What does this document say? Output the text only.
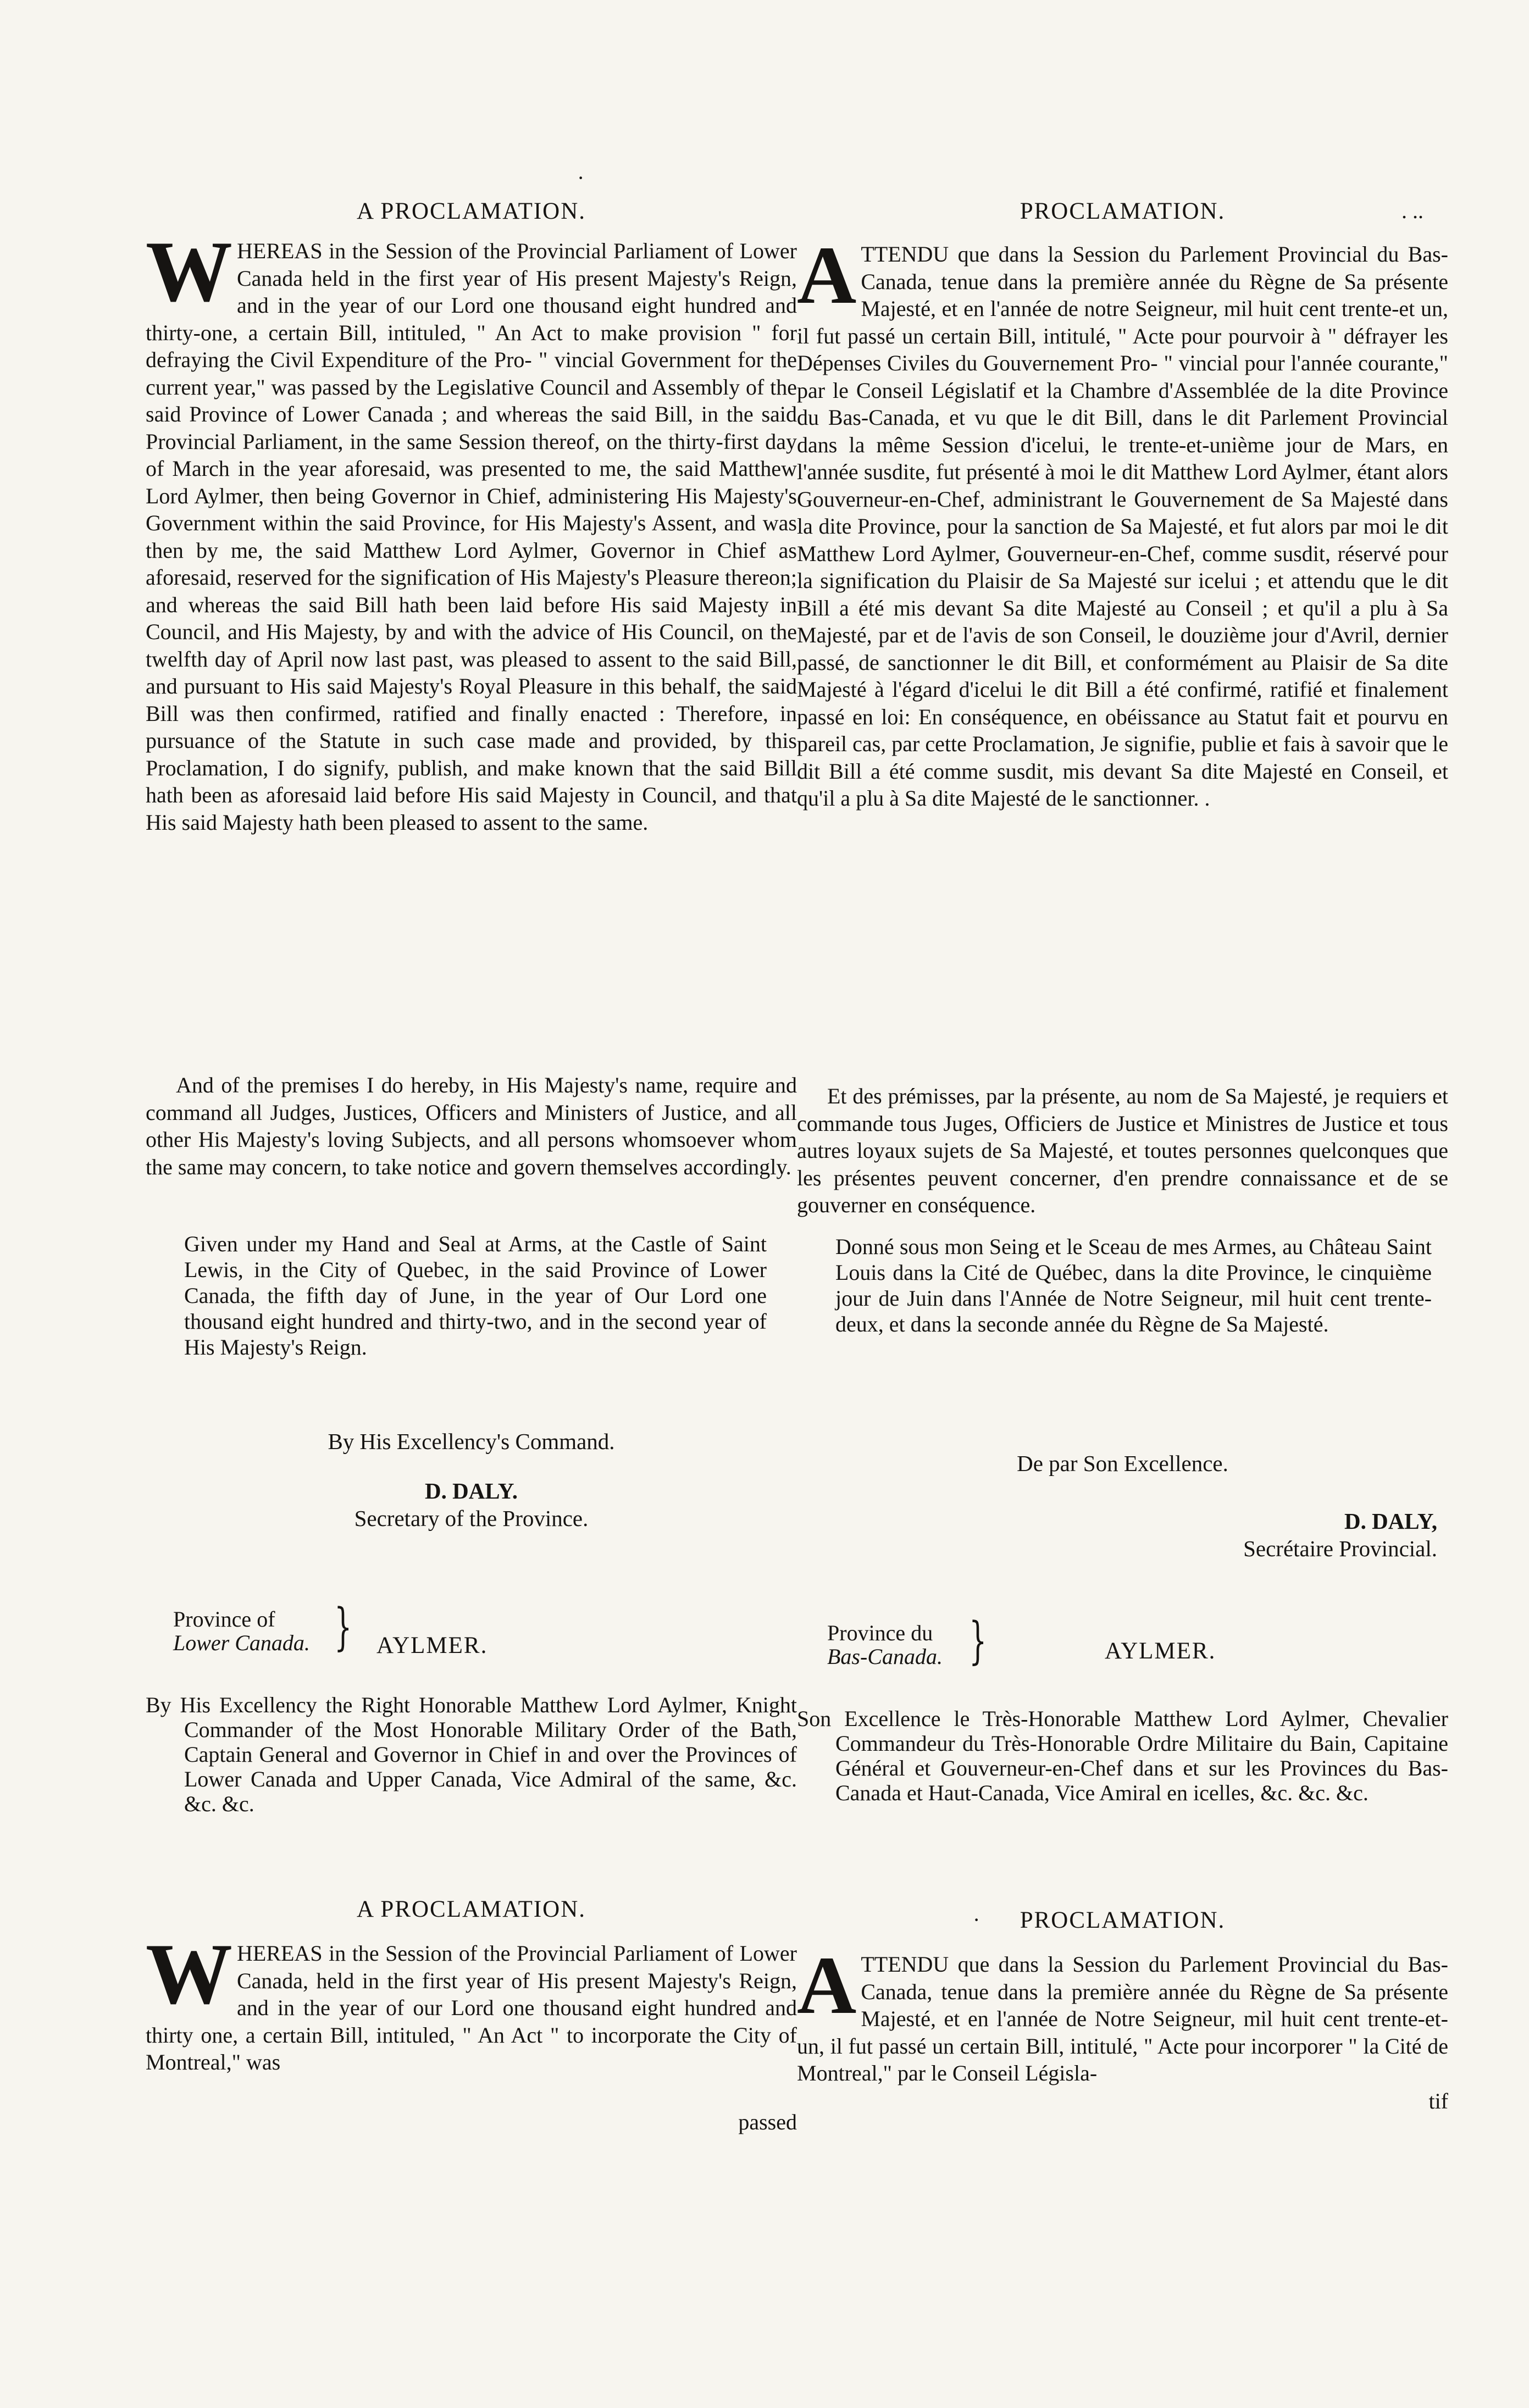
·
A PROCLAMATION.

WHEREAS in the Session of the Provincial Parliament of Lower Canada held in the first year of His present Majesty's Reign, and in the year of our Lord one thousand eight hundred and thirty-one, a certain Bill, intituled, " An Act to make provision " for defraying the Civil Expenditure of the Pro- " vincial Government for the current year," was passed by the Legislative Council and Assembly of the said Province of Lower Canada ; and whereas the said Bill, in the said Provincial Parliament, in the same Session thereof, on the thirty-first day of March in the year aforesaid, was presented to me, the said Matthew Lord Aylmer, then being Governor in Chief, administering His Majesty's Government within the said Province, for His Majesty's Assent, and was then by me, the said Matthew Lord Aylmer, Governor in Chief as aforesaid, reserved for the signification of His Majesty's Pleasure thereon; and whereas the said Bill hath been laid before His said Majesty in Council, and His Majesty, by and with the advice of His Council, on the twelfth day of April now last past, was pleased to assent to the said Bill, and pursuant to His said Majesty's Royal Pleasure in this behalf, the said Bill was then confirmed, ratified and finally enacted : Therefore, in pursuance of the Statute in such case made and provided, by this Proclamation, I do signify, publish, and make known that the said Bill hath been as aforesaid laid before His said Majesty in Council, and that His said Majesty hath been pleased to assent to the same.

And of the premises I do hereby, in His Majesty's name, require and command all Judges, Justices, Officers and Ministers of Justice, and all other His Majesty's loving Subjects, and all persons whomsoever whom the same may concern, to take notice and govern themselves accordingly.

Given under my Hand and Seal at Arms, at the Castle of Saint Lewis, in the City of Quebec, in the said Province of Lower Canada, the fifth day of June, in the year of Our Lord one thousand eight hundred and thirty-two, and in the second year of His Majesty's Reign.

By His Excellency's Command.

D. DALY.

Secretary of the Province.

Province of
Lower Canada. } AYLMER.

By His Excellency the Right Honorable Matthew Lord Aylmer, Knight Commander of the Most Honorable Military Order of the Bath, Captain General and Governor in Chief in and over the Provinces of Lower Canada and Upper Canada, Vice Admiral of the same, &c. &c. &c.

A PROCLAMATION.

WHEREAS in the Session of the Provincial Parliament of Lower Canada, held in the first year of His present Majesty's Reign, and in the year of our Lord one thousand eight hundred and thirty one, a certain Bill, intituled, " An Act " to incorporate the City of Montreal," was

passed
PROCLAMATION.	. ..

ATTENDU que dans la Session du Parlement Provincial du Bas-Canada, tenue dans la première année du Règne de Sa présente Majesté, et en l'année de notre Seigneur, mil huit cent trente-et un, il fut passé un certain Bill, intitulé, " Acte pour pourvoir à " défrayer les Dépenses Civiles du Gouvernement Pro- " vincial pour l'année courante," par le Conseil Législatif et la Chambre d'Assemblée de la dite Province du Bas-Canada, et vu que le dit Bill, dans le dit Parlement Provincial dans la même Session d'icelui, le trente-et-unième jour de Mars, en l'année susdite, fut présenté à moi le dit Matthew Lord Aylmer, étant alors Gouverneur-en-Chef, administrant le Gouvernement de Sa Majesté dans la dite Province, pour la sanction de Sa Majesté, et fut alors par moi le dit Matthew Lord Aylmer, Gouverneur-en-Chef, comme susdit, réservé pour la signification du Plaisir de Sa Majesté sur icelui ; et attendu que le dit Bill a été mis devant Sa dite Majesté au Conseil ; et qu'il a plu à Sa Majesté, par et de l'avis de son Conseil, le douzième jour d'Avril, dernier passé, de sanctionner le dit Bill, et conformément au Plaisir de Sa dite Majesté à l'égard d'icelui le dit Bill a été confirmé, ratifié et finalement passé en loi: En conséquence, en obéissance au Statut fait et pourvu en pareil cas, par cette Proclamation, Je signifie, publie et fais à savoir que le dit Bill a été comme susdit, mis devant Sa dite Majesté en Conseil, et qu'il a plu à Sa dite Majesté de le sanctionner. .

Et des prémisses, par la présente, au nom de Sa Majesté, je requiers et commande tous Juges, Officiers de Justice et Ministres de Justice et tous autres loyaux sujets de Sa Majesté, et toutes personnes quelconques que les présentes peuvent concerner, d'en prendre connaissance et de se gouverner en conséquence.

Donné sous mon Seing et le Sceau de mes Armes, au Château Saint Louis dans la Cité de Québec, dans la dite Province, le cinquième jour de Juin dans l'Année de Notre Seigneur, mil huit cent trente-deux, et dans la seconde année du Règne de Sa Majesté.

De par Son Excellence.

D. DALY,

Secrétaire Provincial.

Province du
Bas-Canada. }	AYLMER.

Son Excellence le Très-Honorable Matthew Lord Aylmer, Chevalier Commandeur du Très-Honorable Ordre Militaire du Bain, Capitaine Général et Gouverneur-en-Chef dans et sur les Provinces du Bas-Canada et Haut-Canada, Vice Amiral en icelles, &c. &c. &c.

·	PROCLAMATION.

ATTENDU que dans la Session du Parlement Provincial du Bas-Canada, tenue dans la première année du Règne de Sa présente Majesté, et en l'année de Notre Seigneur, mil huit cent trente-et-un, il fut passé un certain Bill, intitulé, " Acte pour incorporer " la Cité de Montreal," par le Conseil Législa-

tif
